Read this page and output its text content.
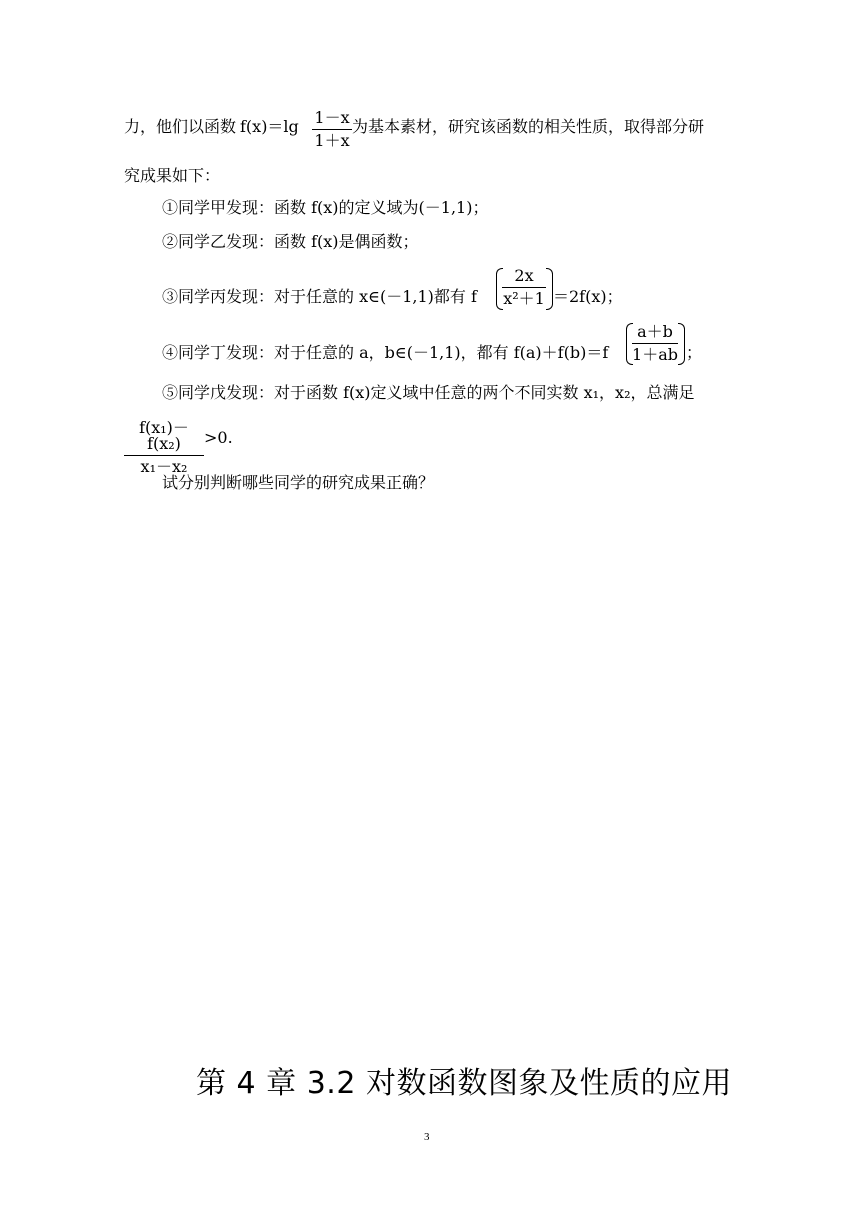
力，他们以函数 $f(x)=\lg \frac{1-x}{1+x}$ 为基本素材，研究该函数的相关性质，取得部分研
究成果如下：
①同学甲发现：函数 f(x)的定义域为(－1,1)；
②同学乙发现：函数 f(x)是偶函数；
③同学丙发现：对于任意的 x∈(－1,1)都有 f $\frac{2x}{\text{x²＋1}} =2f(x)$；
④同学丁发现：对于任意的 a，b∈(－1,1)，都有 $f(a)+f(b)=f \frac{a+b}{1+ab}$ ；
⑤同学戊发现：对于函数 f(x)定义域中任意的两个不同实数 x₁，x₂，总满足
$\frac{\text{f(x₁)－f(x₂)}}{\text{x₁－x₂}} >0$.
试分别判断哪些同学的研究成果正确？
第 4 章 3.2 对数函数图象及性质的应用
3
